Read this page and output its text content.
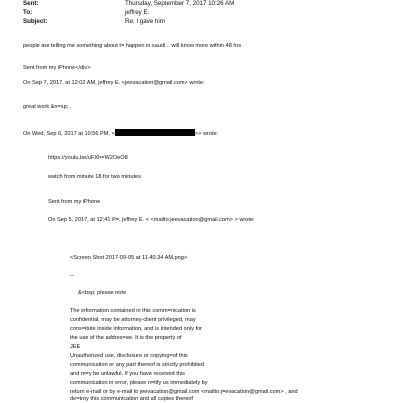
Sent:	Thursday, September 7, 2017 10:26 AM
To:	jeffrey E.
Subject:	Re: I gave him
people are telling me something about t= happen in saudi .. will know more within 48 hrs
Sent from my iPhone</div>
On Sep 7, 2017, at 12:02 AM, jeffrey E. <jeevacation@gmail.com> wrote:
great work &n=sp; .
On Wed, Sep 6, 2017 at 10:56 PM, <	>> wrote:
https://youtu.be/uFXh=W2OeO8
watch from minute 18 for two minutes
Sent from my iPhone
On Sep 5, 2017, at 12:41 P=, jeffrey E. < <mailto:jeevacation@gmail.com> > wrote:
<Screen Shot 2017-09-05 at 11.40.34 AM.png>
--
&<bsp; please note
The information contained in this comm=nication is
confidential, may be attorney-client privileged, may
cons=itute inside information, and is intended only for
the use of the addres=ee. It is the property of
JEE
Unauthorized use, disclosure or copying=of this
communication or any part thereof is strictly prohibited
and m=y be unlawful. If you have received this
communication in error, please n=tify us immediately by
return e-mail or by e-mail to jeevacation@gmail.com <mailto:j=evacation@gmail.com> , and
de=troy this communication and all copies thereof
